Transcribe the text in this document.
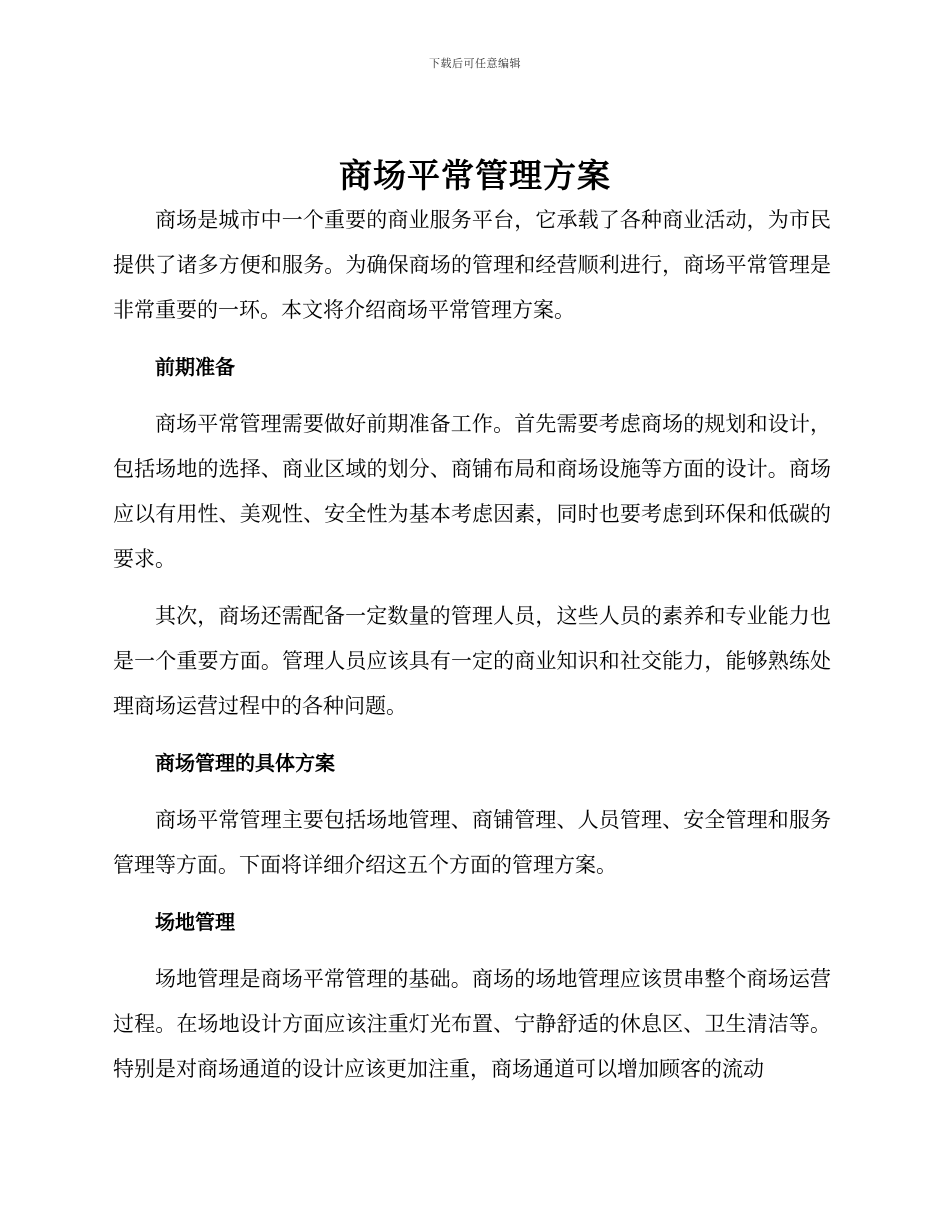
下载后可任意编辑
商场平常管理方案

商场是城市中一个重要的商业服务平台，它承载了各种商业活动，为市民提供了诸多方便和服务。为确保商场的管理和经营顺利进行，商场平常管理是非常重要的一环。本文将介绍商场平常管理方案。

前期准备

商场平常管理需要做好前期准备工作。首先需要考虑商场的规划和设计，包括场地的选择、商业区域的划分、商铺布局和商场设施等方面的设计。商场应以有用性、美观性、安全性为基本考虑因素，同时也要考虑到环保和低碳的要求。

其次，商场还需配备一定数量的管理人员，这些人员的素养和专业能力也是一个重要方面。管理人员应该具有一定的商业知识和社交能力，能够熟练处理商场运营过程中的各种问题。

商场管理的具体方案

商场平常管理主要包括场地管理、商铺管理、人员管理、安全管理和服务管理等方面。下面将详细介绍这五个方面的管理方案。

场地管理

场地管理是商场平常管理的基础。商场的场地管理应该贯串整个商场运营过程。在场地设计方面应该注重灯光布置、宁静舒适的休息区、卫生清洁等。特别是对商场通道的设计应该更加注重，商场通道可以增加顾客的流动
